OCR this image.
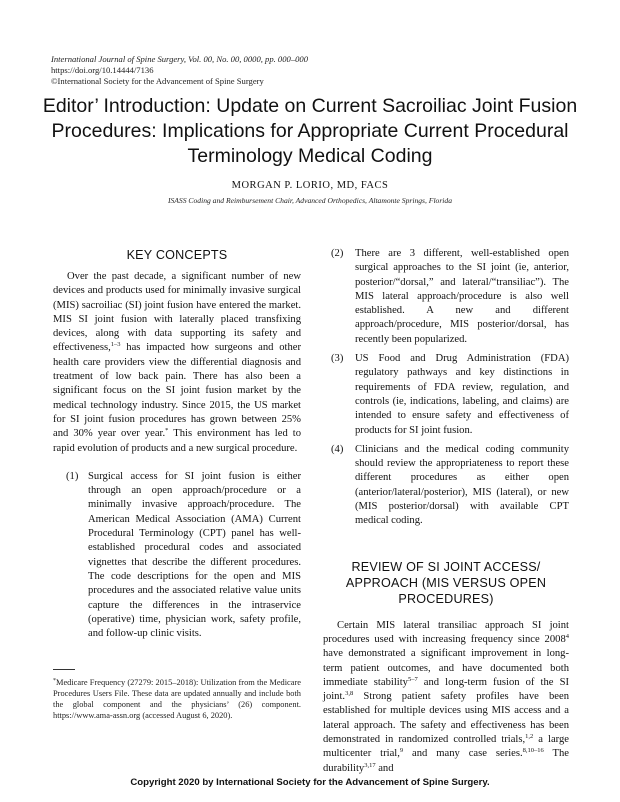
International Journal of Spine Surgery, Vol. 00, No. 00, 0000, pp. 000–000
https://doi.org/10.14444/7136
©International Society for the Advancement of Spine Surgery
Editor’ Introduction: Update on Current Sacroiliac Joint Fusion Procedures: Implications for Appropriate Current Procedural Terminology Medical Coding
MORGAN P. LORIO, MD, FACS
ISASS Coding and Reimbursement Chair, Advanced Orthopedics, Altamonte Springs, Florida
KEY CONCEPTS

Over the past decade, a significant number of new devices and products used for minimally invasive surgical (MIS) sacroiliac (SI) joint fusion have entered the market. MIS SI joint fusion with laterally placed transfixing devices, along with data supporting its safety and effectiveness,$^{1-3}$ has impacted how surgeons and other health care providers view the differential diagnosis and treatment of low back pain. There has also been a significant focus on the SI joint fusion market by the medical technology industry. Since 2015, the US market for SI joint fusion procedures has grown between 25% and 30% year over year.* This environment has led to rapid evolution of products and a new surgical procedure.

(1) Surgical access for SI joint fusion is either through an open approach/procedure or a minimally invasive approach/procedure. The American Medical Association (AMA) Current Procedural Terminology (CPT) panel has well-established procedural codes and associated vignettes that describe the different procedures. The code descriptions for the open and MIS procedures and the associated relative value units capture the differences in the intraservice (operative) time, physician work, safety profile, and follow-up clinic visits.
(2) There are 3 different, well-established open surgical approaches to the SI joint (ie, anterior, posterior/“dorsal,” and lateral/“transiliac”). The MIS lateral approach/procedure is also well established. A new and different approach/procedure, MIS posterior/dorsal, has recently been popularized.
(3) US Food and Drug Administration (FDA) regulatory pathways and key distinctions in requirements of FDA review, regulation, and controls (ie, indications, labeling, and claims) are intended to ensure safety and effectiveness of products for SI joint fusion.
(4) Clinicians and the medical coding community should review the appropriateness to report these different procedures as either open (anterior/lateral/posterior), MIS (lateral), or new (MIS posterior/dorsal) with available CPT medical coding.
REVIEW OF SI JOINT ACCESS/ APPROACH (MIS VERSUS OPEN PROCEDURES)

Certain MIS lateral transiliac approach SI joint procedures used with increasing frequency since 2008$^4$ have demonstrated a significant improvement in long-term patient outcomes, and have documented both immediate stability$^{5-7}$ and long-term fusion of the SI joint.$^{3,8}$ Strong patient safety profiles have been established for multiple devices using MIS access and a lateral approach. The safety and effectiveness has been demonstrated in randomized controlled trials,$^{1,2}$ a large multicenter trial,$^9$ and many case series.$^{8,10-16}$ The durability$^{3,17}$ and

*Medicare Frequency (27279: 2015–2018): Utilization from the Medicare Procedures Users File. These data are updated annually and include both the global component and the physicians’ (26) component. https://www.ama-assn.org (accessed August 6, 2020).
Copyright 2020 by International Society for the Advancement of Spine Surgery.
